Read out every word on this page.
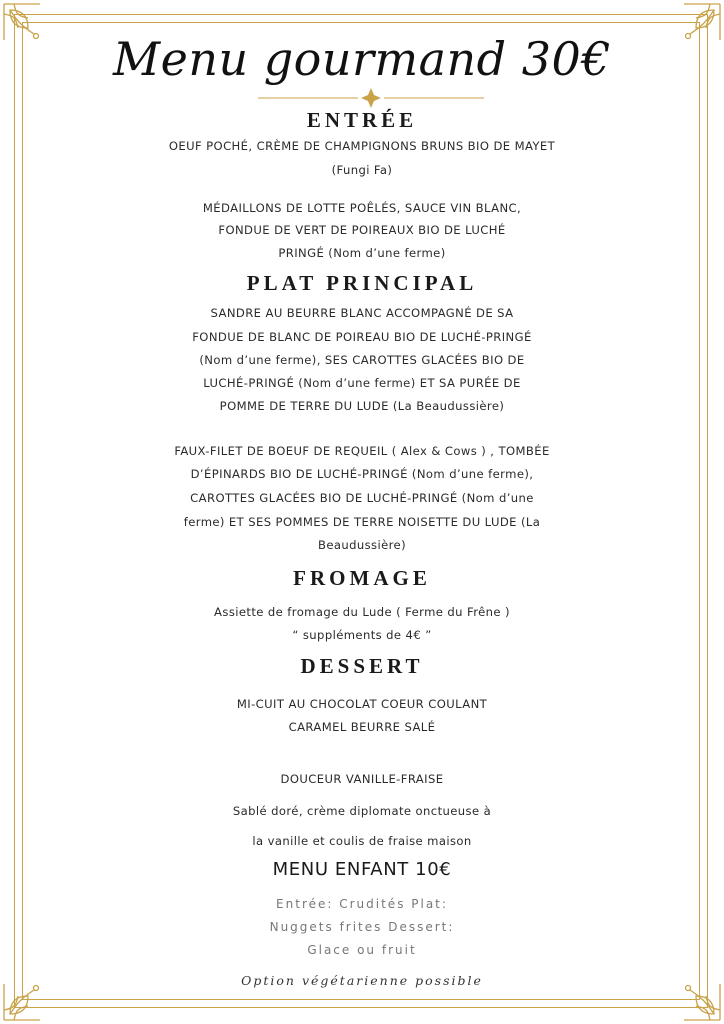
Menu gourmand 30€
ENTRÉE
OEUF POCHÉ, CRÈME DE CHAMPIGNONS BRUNS BIO DE MAYET
(Fungi Fa)
MÉDAILLONS DE LOTTE POÊLÉS, SAUCE VIN BLANC,
FONDUE DE VERT DE POIREAUX BIO DE LUCHÉ
PRINGÉ (Nom d’une ferme)
PLAT PRINCIPAL
SANDRE AU BEURRE BLANC ACCOMPAGNÉ DE SA
FONDUE DE BLANC DE POIREAU BIO DE LUCHÉ-PRINGÉ
(Nom d’une ferme), SES CAROTTES GLACÉES BIO DE
LUCHÉ-PRINGÉ (Nom d’une ferme) ET SA PURÉE DE
POMME DE TERRE DU LUDE (La Beaudussière)
FAUX-FILET DE BOEUF DE REQUEIL ( Alex & Cows ) , TOMBÉE
D’ÉPINARDS BIO DE LUCHÉ-PRINGÉ (Nom d’une ferme),
CAROTTES GLACÉES BIO DE LUCHÉ-PRINGÉ (Nom d’une
ferme) ET SES POMMES DE TERRE NOISETTE DU LUDE (La
Beaudussière)
FROMAGE
Assiette de fromage du Lude ( Ferme du Frêne )
“ suppléments de 4€ ”
DESSERT
MI-CUIT AU CHOCOLAT COEUR COULANT
CARAMEL BEURRE SALÉ
DOUCEUR VANILLE-FRAISE
Sablé doré, crème diplomate onctueuse à
la vanille et coulis de fraise maison
MENU ENFANT 10€
Entrée: Crudités Plat:
Nuggets frites Dessert:
Glace ou fruit
Option végétarienne possible
